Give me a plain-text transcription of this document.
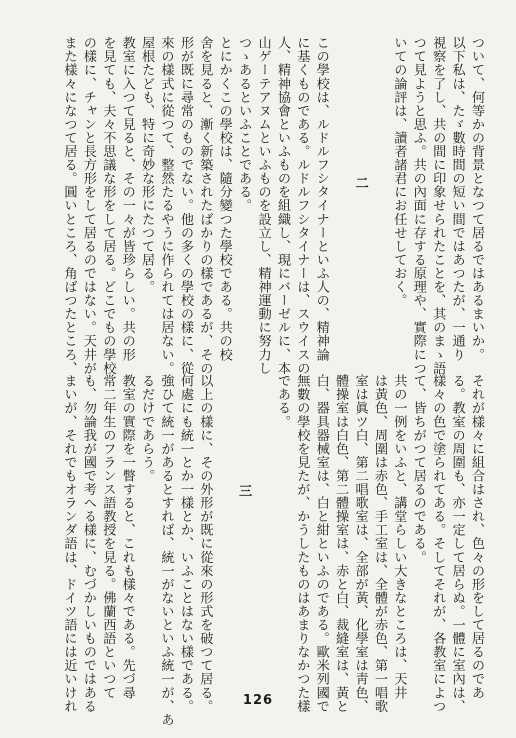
ついて、何等かの背景となつて居るではあるまいか。
以下私は、たゞ數時間の短い間ではあつたが、一通り
視察を了し、共の間に印象せられたことを、其のまゝ語
つて見ようと思ふ。共の內面に存する原理や、實際につ
いての論評は、讀者諸君にお任せしておく。
二
この學校は、ルドルフシタイナーといふ人の、精神論
に基くものである。ルドルフシタイナーは、スウイスの
人、精神協會といふものを組織し、現にバーゼルに、本
山ゲーテアヌムといふものを設立し、精神運動に努力し
つゝあるといふことである。
とにかくこの學校は、隨分變つた學校である。共の校
舍を見ると、漸く新築されたばかりの樣であるが、その
形が既に尋常のものでない。他の多くの學校の樣に、從
來の樣式に從つて、整然たるやうに作られては居ない。
屋根たども、特に奇妙な形にたつて居る。
教室に入つて見ると、その一々が皆珍らしい。共の形
を見ても、夫々不思議な形をして居る。どこでもの學校
の樣に、チャンと長方形をして居るのではない。天井が
また樣々になつて居る。圓いところ、角ばつたところ、
それが樣々に組合はされ、色々の形をして居るのであ
る。教室の周圍も、亦一定して居らぬ。一體に室內は、
樣々の色で塗られてある。そしてそれが、各教室によつ
て、皆ちがつて居るのである。
共の一例をいふと、講堂らしい大きなところは、天井
は黃色、周圍は赤色、手工室は、全體が赤色、第一唱歌
室は眞ツ白、第二唱歌室は、全部が黃、化學室は靑色、
體操室は白色、第二體操室は、赤と白、裁縫室は、黃と
白、器具器械室は、白と紺といふのである。歐米列國で
無數の學校を見たが、かうしたものはあまりなかつた樣
である。
三
以上の樣に、その外形が既に從來の形式を破つて居る。
何處にも統一とか一樣とか、いふことはない樣である。
強ひて統一があるとすれば、統一がないといふ統一が、あ
るだけであらう。
教室の實際を一瞥すると、これも樣々である。先づ尋
常二年生のフランス語教授を見る。佛蘭西語といつて
も、勿論我が國で考へる樣に、むづかしいものではある
まいが、それでもオランダ語は、ドイツ語には近いけれ	126
